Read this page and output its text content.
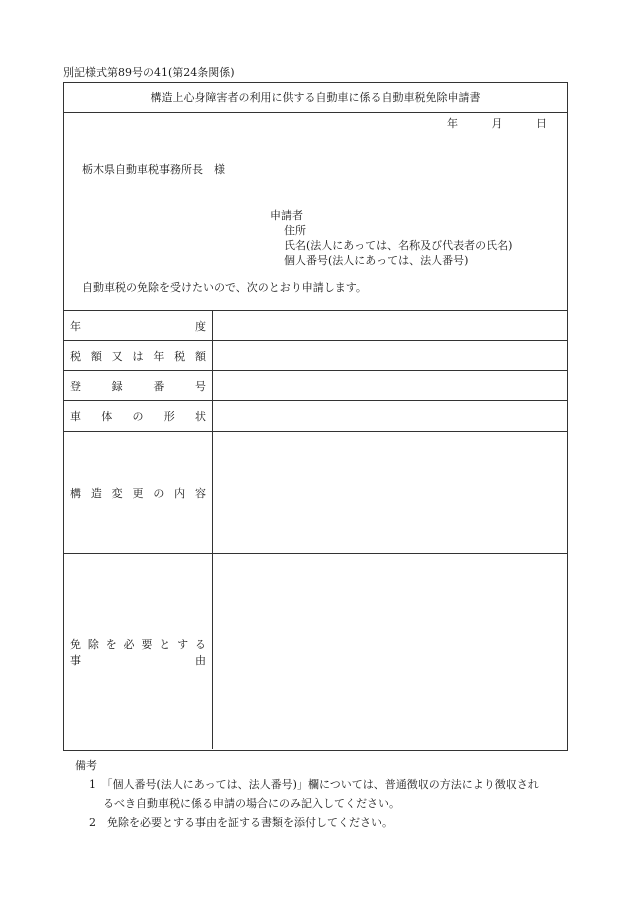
別記様式第89号の41(第24条関係)
構造上心身障害者の利用に供する自動車に係る自動車税免除申請書
年	月	日
栃木県自動車税事務所長　様
申請者
住所
氏名(法人にあっては、名称及び代表者の氏名)
個人番号(法人にあっては、法人番号)
自動車税の免除を受けたいので、次のとおり申請します。
年	度
税 額 又 は 年 税 額
登	録	番	号
車 体 の 形 状
構 造 変 更 の 内 容
免 除 を 必 要 と す る
事	由
備考
1　 「個人番号(法人にあっては、法人番号)」欄については、普通徴収の方法により徴収され
るべき自動車税に係る申請の場合にのみ記入してください。
2　 免除を必要とする事由を証する書類を添付してください。
